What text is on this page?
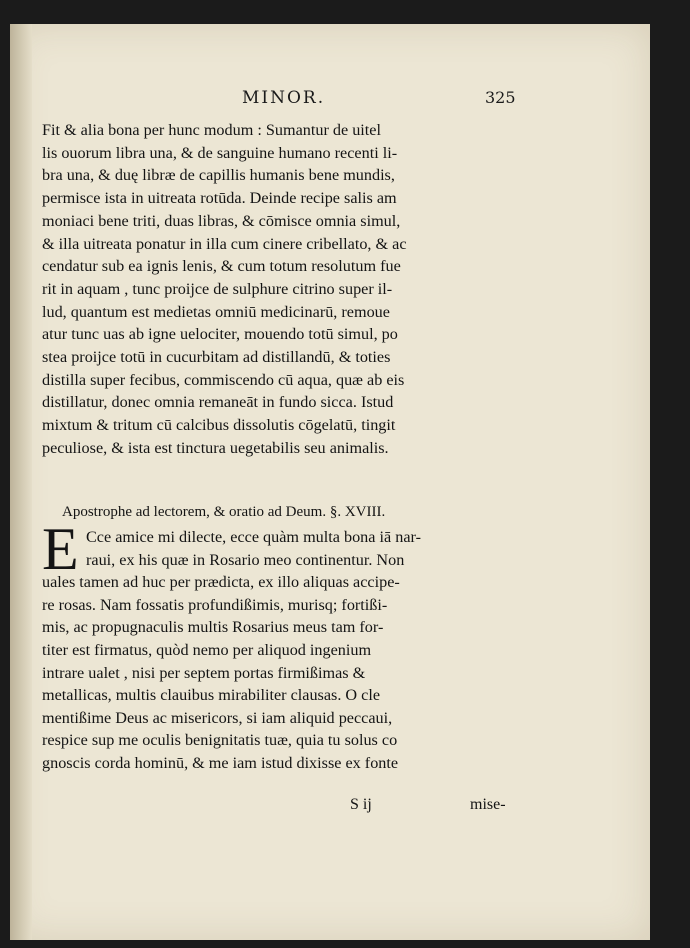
MINOR.	325
Fit & alia bona per hunc modum : Sumantur de uitel
lis ouorum libra una, & de sanguine humano recenti li-
bra una, & duę libræ de capillis humanis bene mundis,
permisce ista in uitreata rotūda. Deinde recipe salis am
moniaci bene triti, duas libras, & cōmisce omnia simul,
& illa uitreata ponatur in illa cum cinere cribellato, & ac
cendatur sub ea ignis lenis, & cum totum resolutum fue
rit in aquam , tunc proijce de sulphure citrino super il-
lud, quantum est medietas omniū medicinarū, remoue
atur tunc uas ab igne uelociter, mouendo totū simul, po
stea proijce totū in cucurbitam ad distillandū, & toties
distilla super fecibus, commiscendo cū aqua, quæ ab eis
distillatur, donec omnia remaneāt in fundo sicca. Istud
mixtum & tritum cū calcibus dissolutis cōgelatū, tingit
peculiose, & ista est tinctura uegetabilis seu animalis.
Apostrophe ad lectorem, & oratio ad Deum. §. XVIII.
E Cce amice mi dilecte, ecce quàm multa bona iā nar-
raui, ex his quæ in Rosario meo continentur. Non
uales tamen ad huc per prædicta, ex illo aliquas accipe-
re rosas. Nam fossatis profundißimis, murisq; fortißi-
mis, ac propugnaculis multis Rosarius meus tam for-
titer est firmatus, quòd nemo per aliquod ingenium
intrare ualet , nisi per septem portas firmißimas &
metallicas, multis clauibus mirabiliter clausas. O cle
mentißime Deus ac misericors, si iam aliquid peccaui,
respice sup me oculis benignitatis tuæ, quia tu solus co
gnoscis corda hominū, & me iam istud dixisse ex fonte
S ij	mise-
